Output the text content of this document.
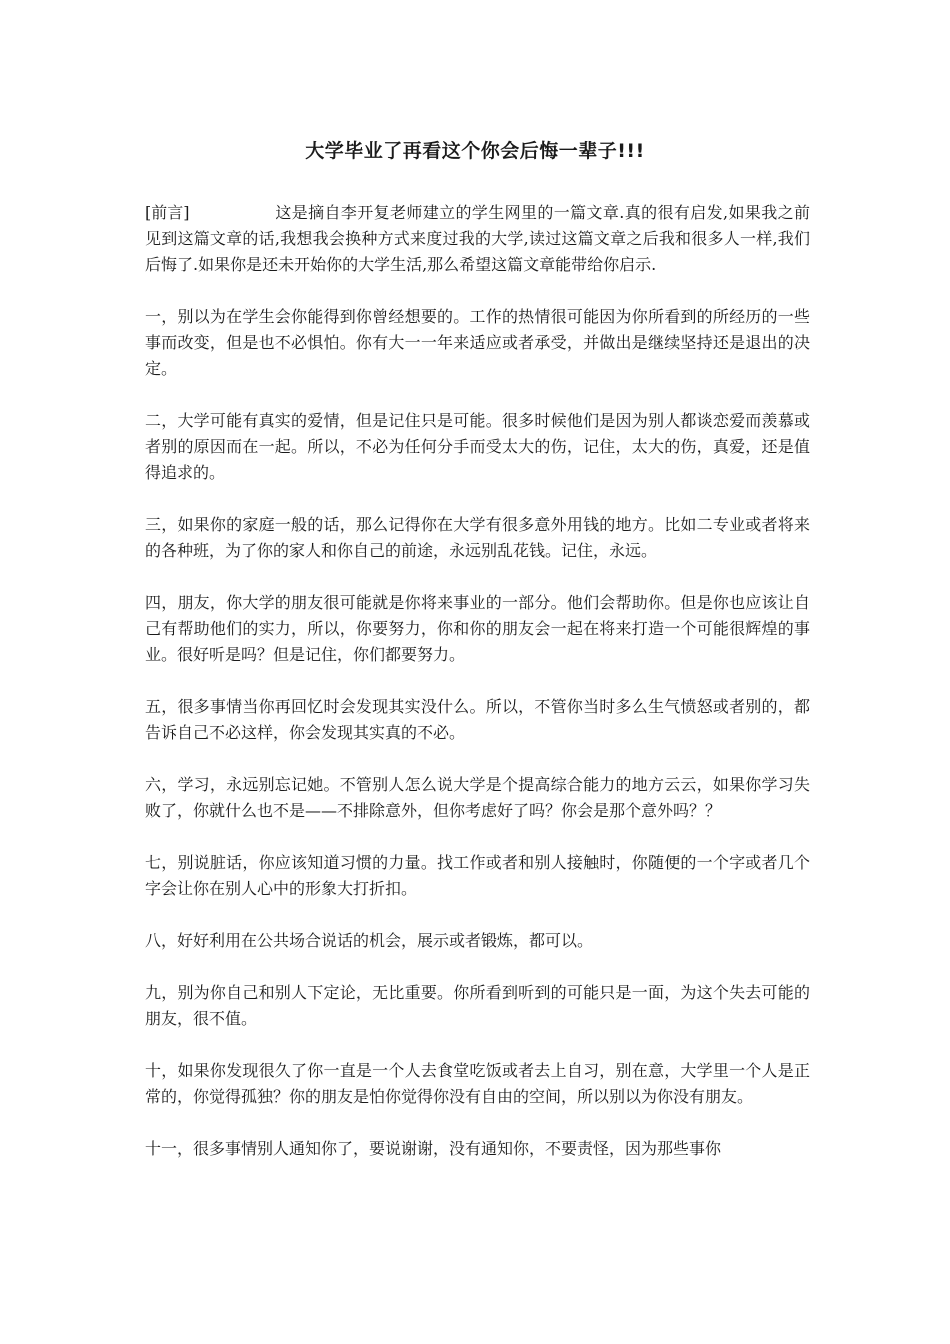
大学毕业了再看这个你会后悔一辈子!!!

[前言]	这是摘自李开复老师建立的学生网里的一篇文章.真的很有启发,如果我之前见到这篇文章的话,我想我会换种方式来度过我的大学,读过这篇文章之后我和很多人一样,我们后悔了.如果你是还未开始你的大学生活,那么希望这篇文章能带给你启示.

一，别以为在学生会你能得到你曾经想要的。工作的热情很可能因为你所看到的所经历的一些事而改变，但是也不必惧怕。你有大一一年来适应或者承受，并做出是继续坚持还是退出的决定。

二，大学可能有真实的爱情，但是记住只是可能。很多时候他们是因为别人都谈恋爱而羡慕或者别的原因而在一起。所以，不必为任何分手而受太大的伤，记住，太大的伤，真爱，还是值得追求的。

三，如果你的家庭一般的话，那么记得你在大学有很多意外用钱的地方。比如二专业或者将来的各种班，为了你的家人和你自己的前途，永远别乱花钱。记住，永远。

四，朋友，你大学的朋友很可能就是你将来事业的一部分。他们会帮助你。但是你也应该让自己有帮助他们的实力，所以，你要努力，你和你的朋友会一起在将来打造一个可能很辉煌的事业。很好听是吗？但是记住，你们都要努力。

五，很多事情当你再回忆时会发现其实没什么。所以，不管你当时多么生气愤怒或者别的，都告诉自己不必这样，你会发现其实真的不必。

六，学习，永远别忘记她。不管别人怎么说大学是个提高综合能力的地方云云，如果你学习失败了，你就什么也不是——不排除意外，但你考虑好了吗？你会是那个意外吗？？

七，别说脏话，你应该知道习惯的力量。找工作或者和别人接触时，你随便的一个字或者几个字会让你在别人心中的形象大打折扣。

八，好好利用在公共场合说话的机会，展示或者锻炼，都可以。

九，别为你自己和别人下定论，无比重要。你所看到听到的可能只是一面，为这个失去可能的朋友，很不值。

十，如果你发现很久了你一直是一个人去食堂吃饭或者去上自习，别在意，大学里一个人是正常的，你觉得孤独？你的朋友是怕你觉得你没有自由的空间，所以别以为你没有朋友。

十一，很多事情别人通知你了，要说谢谢，没有通知你，不要责怪，因为那些事你
